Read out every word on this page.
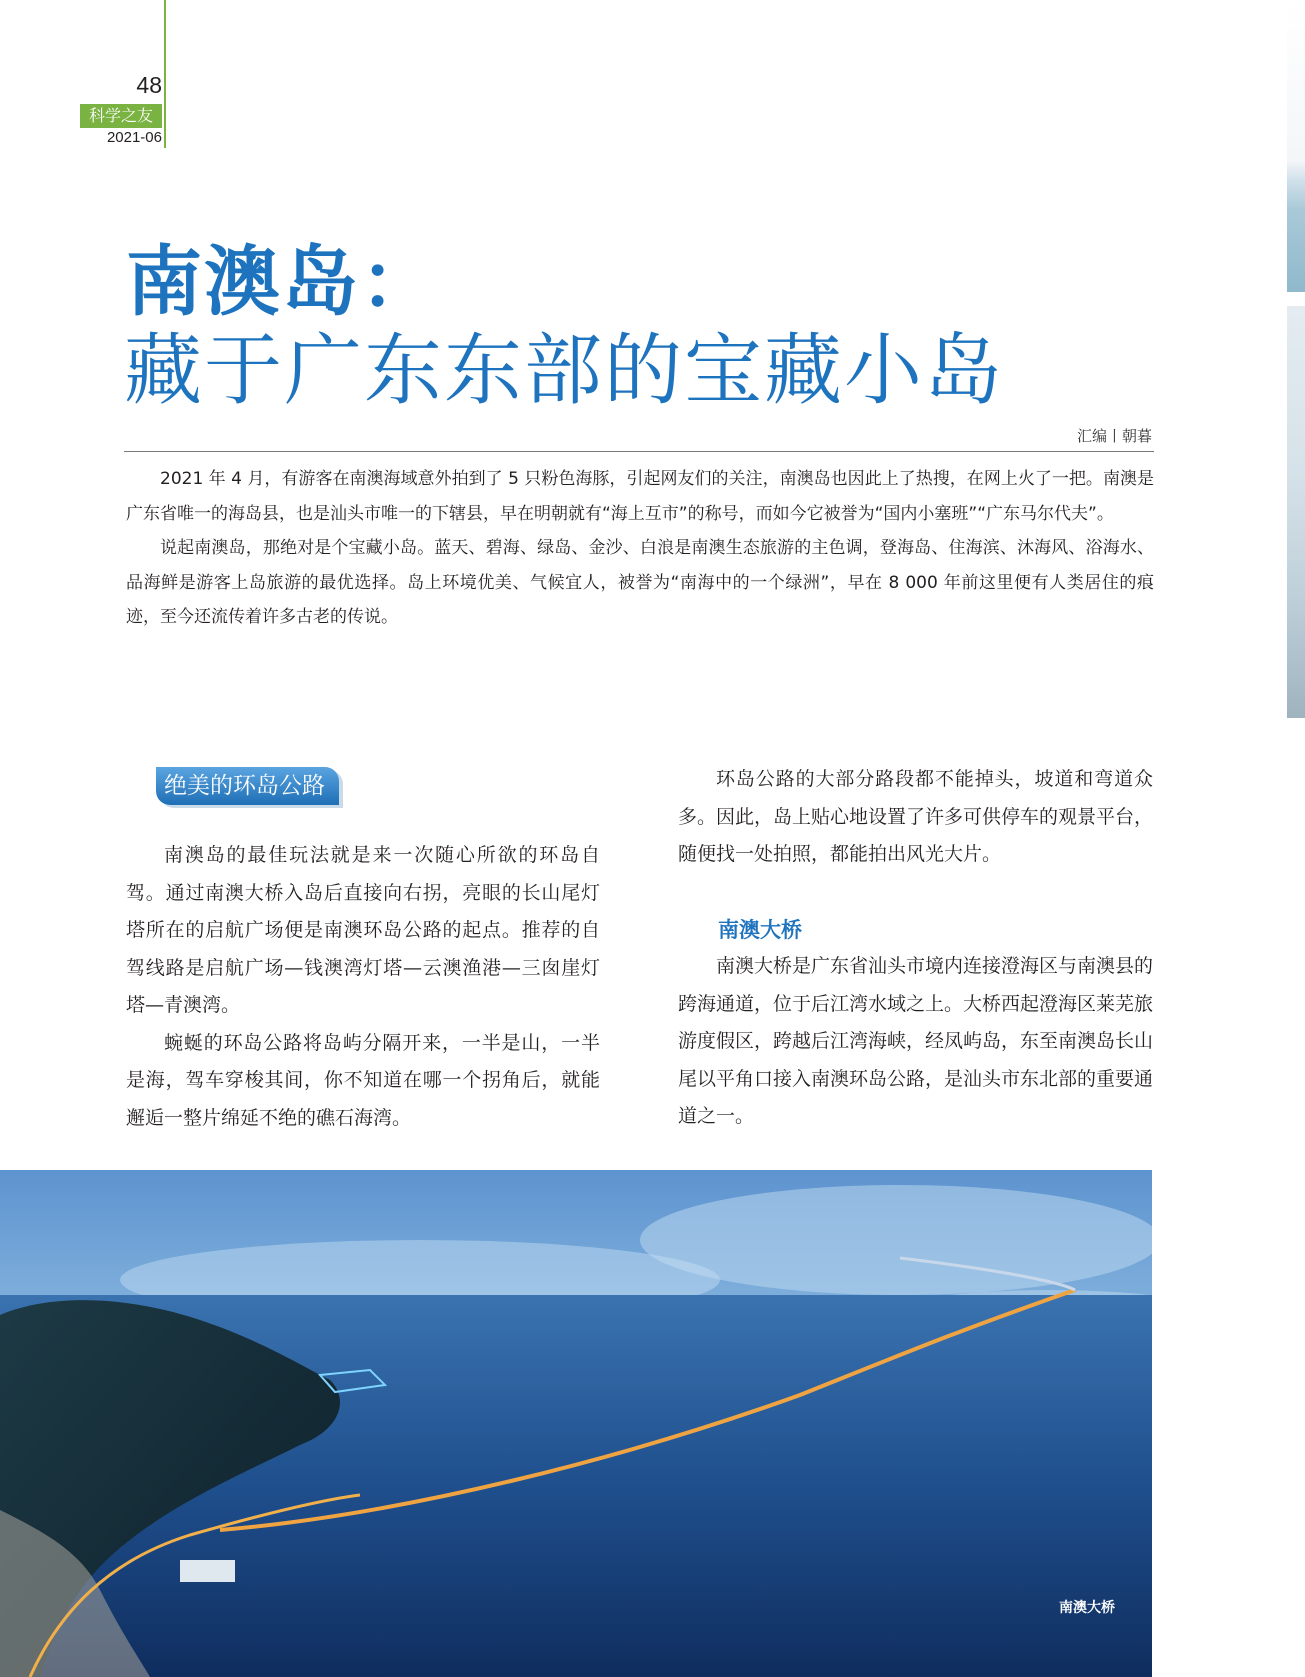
48
科学之友
2021-06
南澳岛：
藏于广东东部的宝藏小岛
汇编丨朝暮

2021 年 4 月，有游客在南澳海域意外拍到了 5 只粉色海豚，引起网友们的关注，南澳岛也因此上了热搜，在网上火了一把。南澳是广东省唯一的海岛县，也是汕头市唯一的下辖县，早在明朝就有“海上互市”的称号，而如今它被誉为“国内小塞班”“广东马尔代夫”。

说起南澳岛，那绝对是个宝藏小岛。蓝天、碧海、绿岛、金沙、白浪是南澳生态旅游的主色调，登海岛、住海滨、沐海风、浴海水、品海鲜是游客上岛旅游的最优选择。岛上环境优美、气候宜人，被誉为“南海中的一个绿洲”，早在 8 000 年前这里便有人类居住的痕迹，至今还流传着许多古老的传说。

绝美的环岛公路

南澳岛的最佳玩法就是来一次随心所欲的环岛自驾。通过南澳大桥入岛后直接向右拐，亮眼的长山尾灯塔所在的启航广场便是南澳环岛公路的起点。推荐的自驾线路是启航广场—钱澳湾灯塔—云澳渔港—三囱崖灯塔—青澳湾。

蜿蜒的环岛公路将岛屿分隔开来，一半是山，一半是海，驾车穿梭其间，你不知道在哪一个拐角后，就能邂逅一整片绵延不绝的礁石海湾。

环岛公路的大部分路段都不能掉头，坡道和弯道众多。因此，岛上贴心地设置了许多可供停车的观景平台，随便找一处拍照，都能拍出风光大片。

南澳大桥

南澳大桥是广东省汕头市境内连接澄海区与南澳县的跨海通道，位于后江湾水域之上。大桥西起澄海区莱芜旅游度假区，跨越后江湾海峡，经凤屿岛，东至南澳岛长山尾以平角口接入南澳环岛公路，是汕头市东北部的重要通道之一。

南澳大桥
